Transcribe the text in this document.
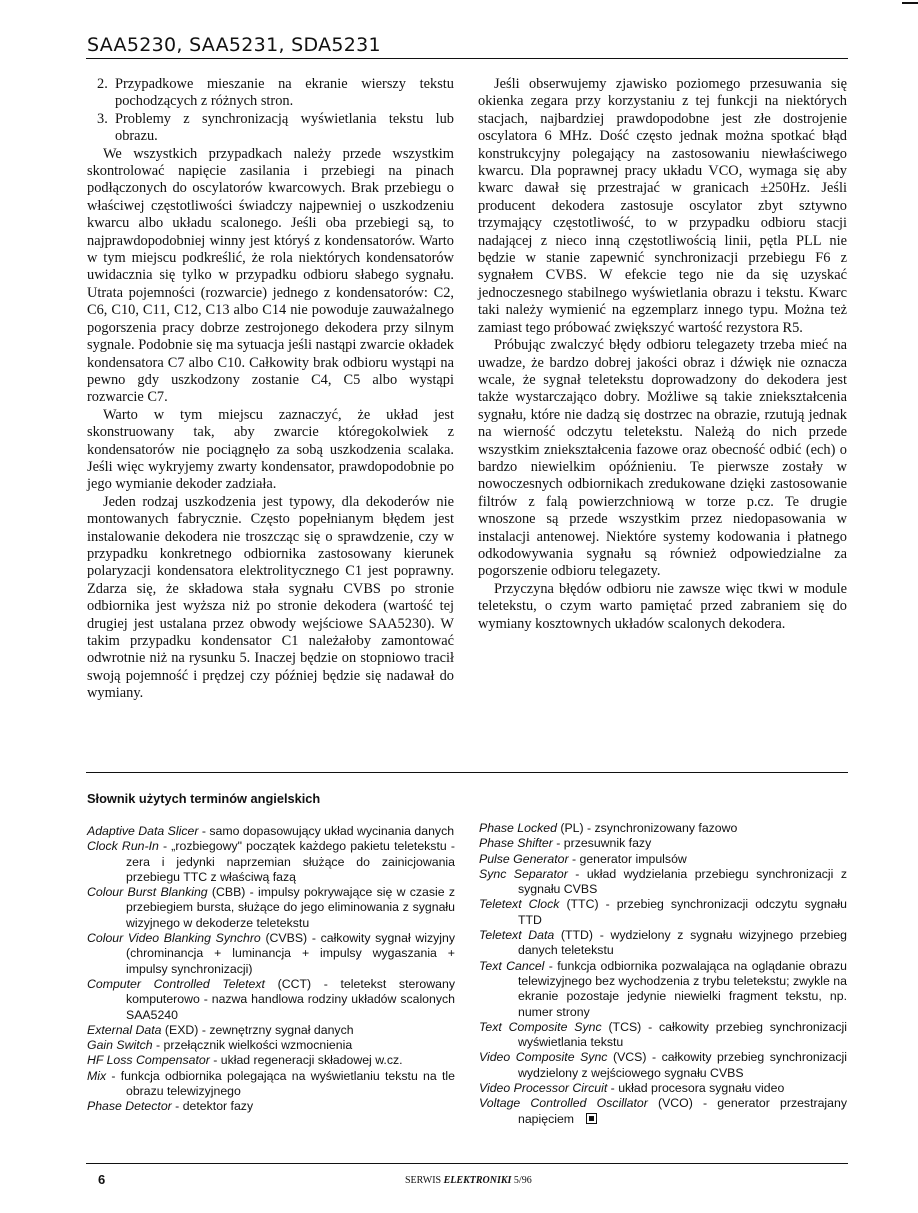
SAA5230, SAA5231, SDA5231
2. Przypadkowe mieszanie na ekranie wierszy tekstu pochodzących z różnych stron.
3. Problemy z synchronizacją wyświetlania tekstu lub obrazu.

We wszystkich przypadkach należy przede wszystkim skontrolować napięcie zasilania i przebiegi na pinach podłączonych do oscylatorów kwarcowych. Brak przebiegu o właściwej częstotliwości świadczy najpewniej o uszkodzeniu kwarcu albo układu scalonego. Jeśli oba przebiegi są, to najprawdopodobniej winny jest któryś z kondensatorów. Warto w tym miejscu podkreślić, że rola niektórych kondensatorów uwidacznia się tylko w przypadku odbioru słabego sygnału. Utrata pojemności (rozwarcie) jednego z kondensatorów: C2, C6, C10, C11, C12, C13 albo C14 nie powoduje zauważalnego pogorszenia pracy dobrze zestrojonego dekodera przy silnym sygnale. Podobnie się ma sytuacja jeśli nastąpi zwarcie okładek kondensatora C7 albo C10. Całkowity brak odbioru wystąpi na pewno gdy uszkodzony zostanie C4, C5 albo wystąpi rozwarcie C7.

Warto w tym miejscu zaznaczyć, że układ jest skonstruowany tak, aby zwarcie któregokolwiek z kondensatorów nie pociągnęło za sobą uszkodzenia scalaka. Jeśli więc wykryjemy zwarty kondensator, prawdopodobnie po jego wymianie dekoder zadziała.

Jeden rodzaj uszkodzenia jest typowy, dla dekoderów nie montowanych fabrycznie. Często popełnianym błędem jest instalowanie dekodera nie troszcząc się o sprawdzenie, czy w przypadku konkretnego odbiornika zastosowany kierunek polaryzacji kondensatora elektrolitycznego C1 jest poprawny. Zdarza się, że składowa stała sygnału CVBS po stronie odbiornika jest wyższa niż po stronie dekodera (wartość tej drugiej jest ustalana przez obwody wejściowe SAA5230). W takim przypadku kondensator C1 należałoby zamontować odwrotnie niż na rysunku 5. Inaczej będzie on stopniowo tracił swoją pojemność i prędzej czy później będzie się nadawał do wymiany.

Jeśli obserwujemy zjawisko poziomego przesuwania się okienka zegara przy korzystaniu z tej funkcji na niektórych stacjach, najbardziej prawdopodobne jest złe dostrojenie oscylatora 6 MHz. Dość często jednak można spotkać błąd konstrukcyjny polegający na zastosowaniu niewłaściwego kwarcu. Dla poprawnej pracy układu VCO, wymaga się aby kwarc dawał się przestrajać w granicach ±250Hz. Jeśli producent dekodera zastosuje oscylator zbyt sztywno trzymający częstotliwość, to w przypadku odbioru stacji nadającej z nieco inną częstotliwością linii, pętla PLL nie będzie w stanie zapewnić synchronizacji przebiegu F6 z sygnałem CVBS. W efekcie tego nie da się uzyskać jednoczesnego stabilnego wyświetlania obrazu i tekstu. Kwarc taki należy wymienić na egzemplarz innego typu. Można też zamiast tego próbować zwiększyć wartość rezystora R5.

Próbując zwalczyć błędy odbioru telegazety trzeba mieć na uwadze, że bardzo dobrej jakości obraz i dźwięk nie oznacza wcale, że sygnał teletekstu doprowadzony do dekodera jest także wystarczająco dobry. Możliwe są takie zniekształcenia sygnału, które nie dadzą się dostrzec na obrazie, rzutują jednak na wierność odczytu teletekstu. Należą do nich przede wszystkim zniekształcenia fazowe oraz obecność odbić (ech) o bardzo niewielkim opóźnieniu. Te pierwsze zostały w nowoczesnych odbiornikach zredukowane dzięki zastosowanie filtrów z falą powierzchniową w torze p.cz. Te drugie wnoszone są przede wszystkim przez niedopasowania w instalacji antenowej. Niektóre systemy kodowania i płatnego odkodowywania sygnału są również odpowiedzialne za pogorszenie odbioru telegazety.

Przyczyna błędów odbioru nie zawsze więc tkwi w module teletekstu, o czym warto pamiętać przed zabraniem się do wymiany kosztownych układów scalonych dekodera.

Słownik użytych terminów angielskich
Adaptive Data Slicer - samo dopasowujący układ wycinania danych
Clock Run-In - „rozbiegowy" początek każdego pakietu teletekstu - zera i jedynki naprzemian służące do zainicjowania przebiegu TTC z właściwą fazą
Colour Burst Blanking (CBB) - impulsy pokrywające się w czasie z przebiegiem bursta, służące do jego eliminowania z sygnału wizyjnego w dekoderze teletekstu
Colour Video Blanking Synchro (CVBS) - całkowity sygnał wizyjny (chrominancja + luminancja + impulsy wygaszania + impulsy synchronizacji)
Computer Controlled Teletext (CCT) - teletekst sterowany komputerowo - nazwa handlowa rodziny układów scalonych SAA5240
External Data (EXD) - zewnętrzny sygnał danych
Gain Switch - przełącznik wielkości wzmocnienia
HF Loss Compensator - układ regeneracji składowej w.cz.
Mix - funkcja odbiornika polegająca na wyświetlaniu tekstu na tle obrazu telewizyjnego
Phase Detector - detektor fazy
Phase Locked (PL) - zsynchronizowany fazowo
Phase Shifter - przesuwnik fazy
Pulse Generator - generator impulsów
Sync Separator - układ wydzielania przebiegu synchronizacji z sygnału CVBS
Teletext Clock (TTC) - przebieg synchronizacji odczytu sygnału TTD
Teletext Data (TTD) - wydzielony z sygnału wizyjnego przebieg danych teletekstu
Text Cancel - funkcja odbiornika pozwalająca na oglądanie obrazu telewizyjnego bez wychodzenia z trybu teletekstu; zwykle na ekranie pozostaje jedynie niewielki fragment tekstu, np. numer strony
Text Composite Sync (TCS) - całkowity przebieg synchronizacji wyświetlania tekstu
Video Composite Sync (VCS) - całkowity przebieg synchronizacji wydzielony z wejściowego sygnału CVBS
Video Processor Circuit - układ procesora sygnału video
Voltage Controlled Oscillator (VCO) - generator przestrajany napięciem
6	SERWIS ELEKTRONIKI 5/96
